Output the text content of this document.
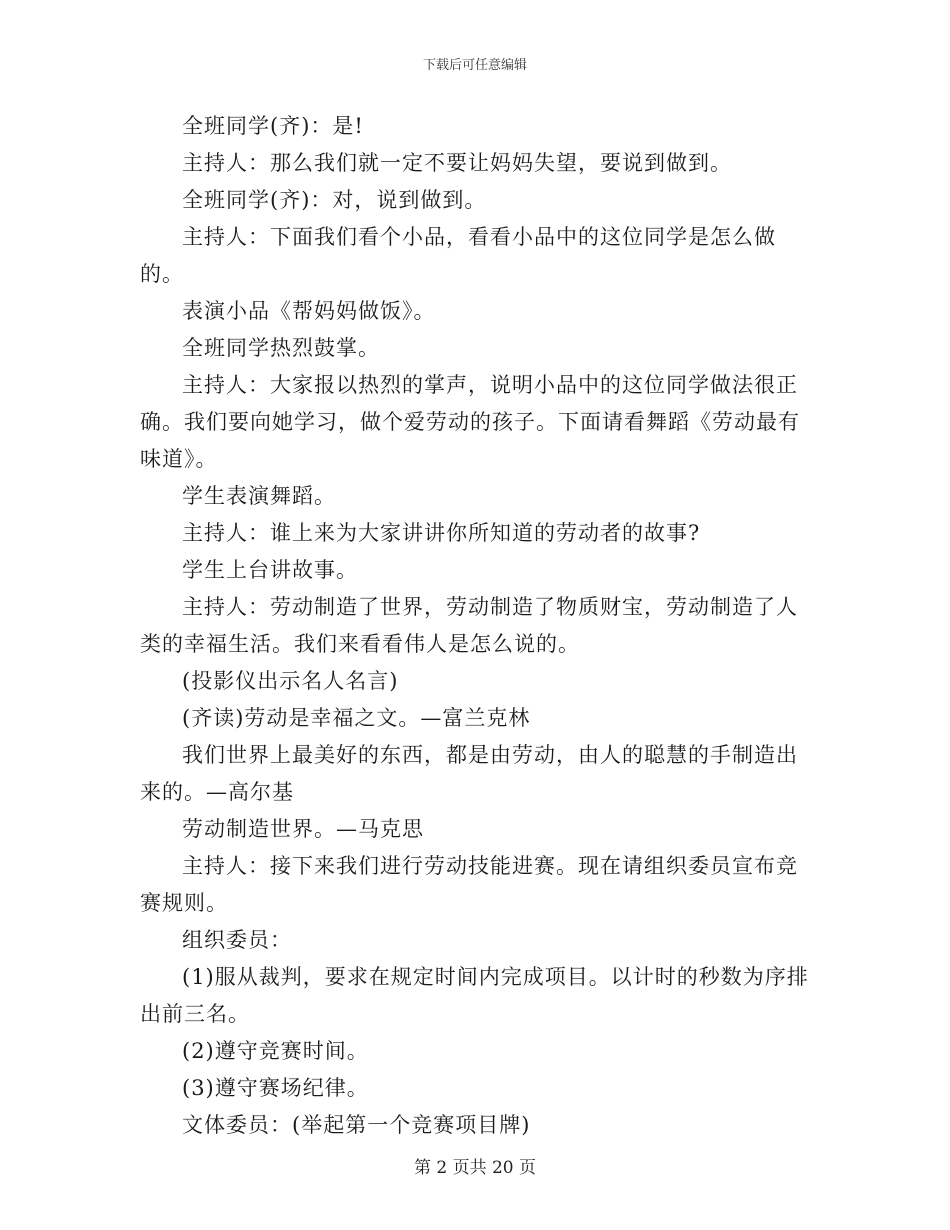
下载后可任意编辑

全班同学(齐)：是!

主持人：那么我们就一定不要让妈妈失望，要说到做到。

全班同学(齐)：对，说到做到。

主持人：下面我们看个小品，看看小品中的这位同学是怎么做的。

表演小品《帮妈妈做饭》。

全班同学热烈鼓掌。

主持人：大家报以热烈的掌声，说明小品中的这位同学做法很正确。我们要向她学习，做个爱劳动的孩子。下面请看舞蹈《劳动最有味道》。

学生表演舞蹈。

主持人：谁上来为大家讲讲你所知道的劳动者的故事?

学生上台讲故事。

主持人：劳动制造了世界，劳动制造了物质财宝，劳动制造了人类的幸福生活。我们来看看伟人是怎么说的。

(投影仪出示名人名言)

(齐读)劳动是幸福之文。—富兰克林

我们世界上最美好的东西，都是由劳动，由人的聪慧的手制造出来的。—高尔基

劳动制造世界。—马克思

主持人：接下来我们进行劳动技能进赛。现在请组织委员宣布竞赛规则。

组织委员：

(1)服从裁判，要求在规定时间内完成项目。以计时的秒数为序排出前三名。

(2)遵守竞赛时间。

(3)遵守赛场纪律。

文体委员：(举起第一个竞赛项目牌)

第 2 页共 20 页
